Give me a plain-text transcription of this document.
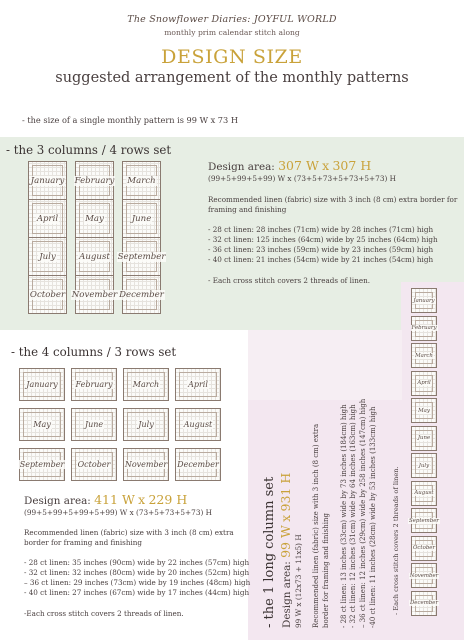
The Snowflower Diaries: JOYFUL WORLD
monthly prim calendar stitch along
DESIGN SIZE
suggested arrangement of the monthly patterns
- the size of a single monthly pattern is 99 W x 73 H
- the 3 columns / 4 rows set
January February March
April	May	June
July	August September
October November December
Design area: 307 W x 307 H
(99+5+99+5+99) W x (73+5+73+5+73+5+73) H
Recommended linen (fabric) size with 3 inch (8 cm) extra border for framing and finishing
- 28 ct linen: 28 inches (71cm) wide by 28 inches (71cm) high
- 32 ct linen: 125 inches (64cm) wide by 25 inches (64cm) high
- 36 ct linen: 23 inches (59cm) wide by 23 inches (59cm) high
- 40 ct linen: 21 inches (54cm) wide by 21 inches (54cm) high
- Each cross stitch covers 2 threads of linen.
- the 4 columns / 3 rows set
January February	March	April
May	June	July	August
September October November December
Design area: 411 W x 229 H
(99+5+99+5+99+5+99) W x (73+5+73+5+73) H
Recommended linen (fabric) size with 3 inch (8 cm) extra border for framing and finishing
- 28 ct linen: 35 inches (90cm) wide by 22 inches (57cm) high
- 32 ct linen: 32 inches (80cm) wide by 20 inches (52cm) high
– 36 ct linen: 29 inches (73cm) wide by 19 inches (48cm) high
- 40 ct linen: 27 inches (67cm) wide by 17 inches (44cm) high
-Each cross stitch covers 2 threads of linen.	- the 1 long column set Design area: 99 W x 931 H
99 W x (12x73 + 11x5) H Recommended linen (fabric) size with 3 inch (8 cm) extra border for framing and finishing - 28 ct linen: 13 inches (33cm) wide by 73 inches (184cm) high - 32 ct linen: 12 inches (31cm) wide by 64 inches (163cm) high – 36 ct linen: 12 inches (29cm) wide by 258 inches (147cm) high -40 ct linen: 11 inches (28cm) wide by 53 inches (133cm) high - Each cross stitch covers 2 threads of linen.
January
February
March
April
May
June
July
August
September
October
November
December
